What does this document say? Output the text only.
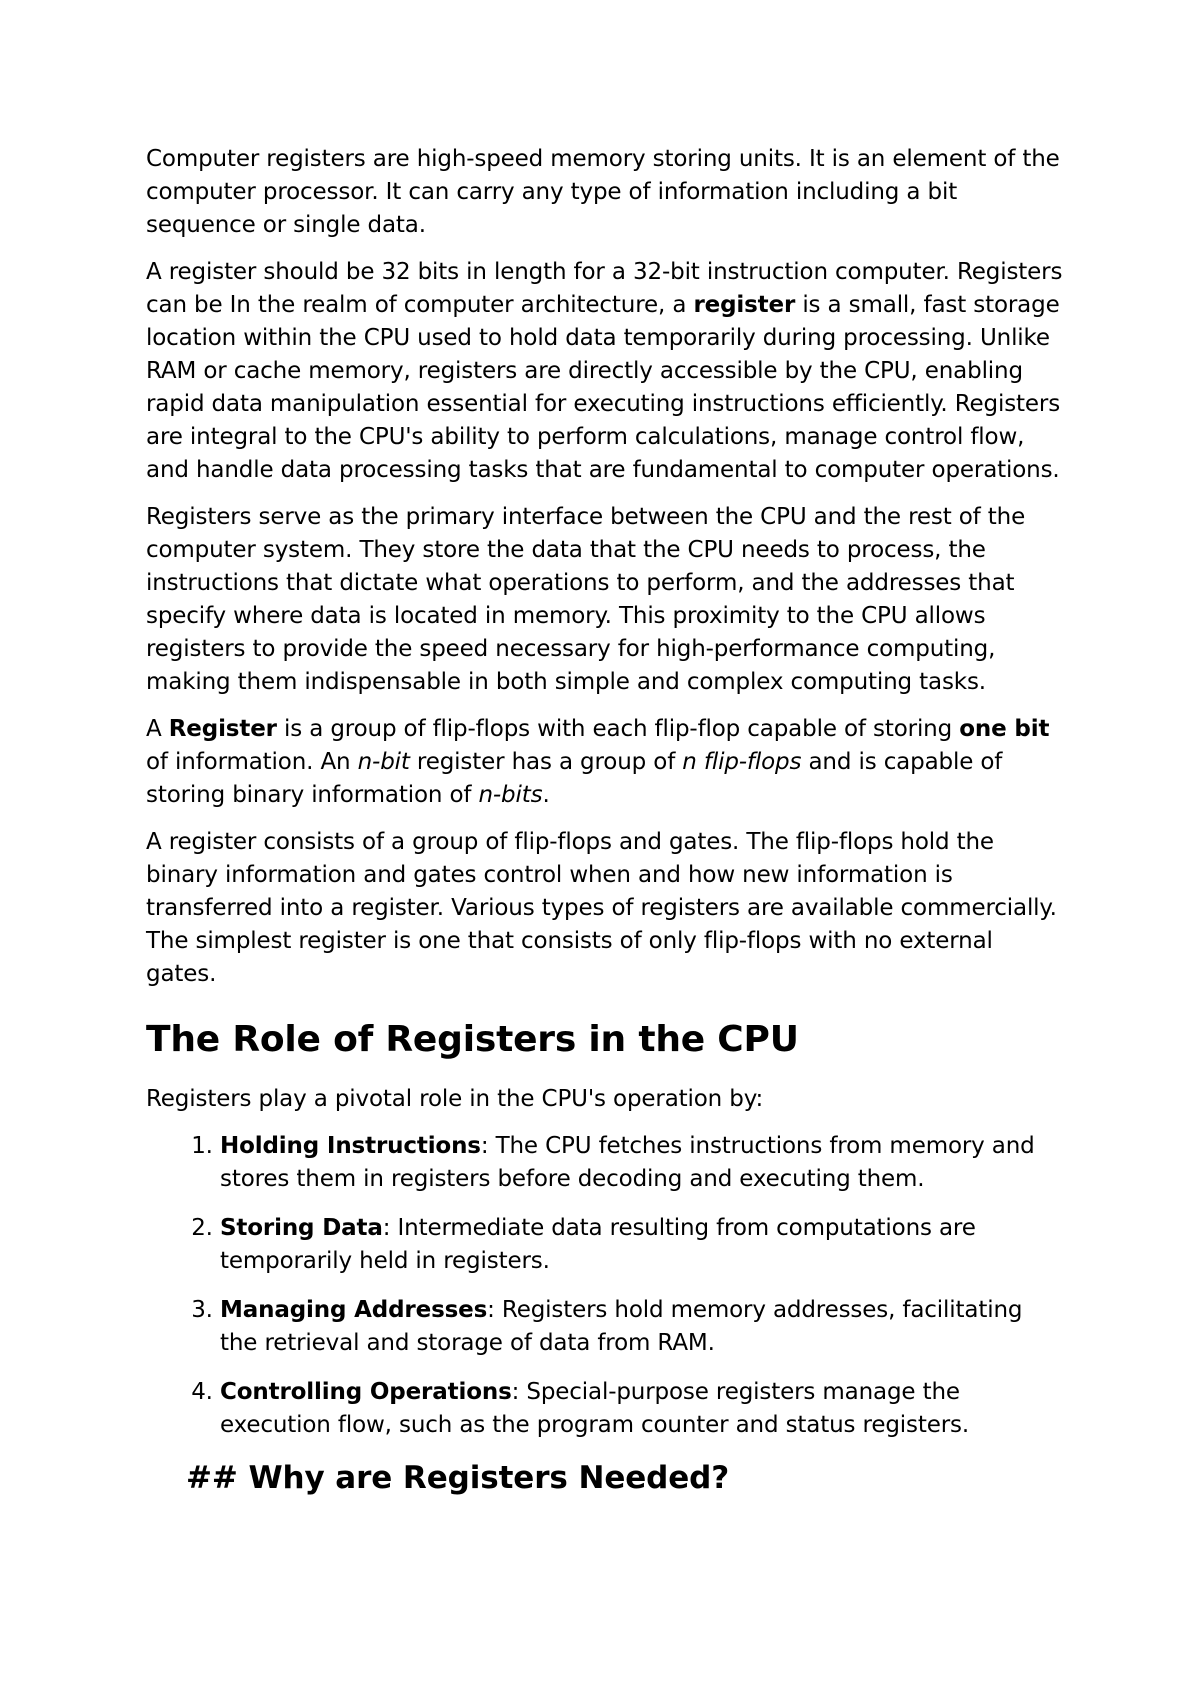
Computer registers are high-speed memory storing units. It is an element of the computer processor. It can carry any type of information including a bit sequence or single data.

A register should be 32 bits in length for a 32-bit instruction computer. Registers can be In the realm of computer architecture, a register is a small, fast storage location within the CPU used to hold data temporarily during processing. Unlike RAM or cache memory, registers are directly accessible by the CPU, enabling rapid data manipulation essential for executing instructions efficiently. Registers are integral to the CPU's ability to perform calculations, manage control flow, and handle data processing tasks that are fundamental to computer operations.

Registers serve as the primary interface between the CPU and the rest of the computer system. They store the data that the CPU needs to process, the instructions that dictate what operations to perform, and the addresses that specify where data is located in memory. This proximity to the CPU allows registers to provide the speed necessary for high-performance computing, making them indispensable in both simple and complex computing tasks.

A Register is a group of flip-flops with each flip-flop capable of storing one bit of information. An n-bit register has a group of n flip-flops and is capable of storing binary information of n-bits.

A register consists of a group of flip-flops and gates. The flip-flops hold the binary information and gates control when and how new information is transferred into a register. Various types of registers are available commercially. The simplest register is one that consists of only flip-flops with no external gates.

The Role of Registers in the CPU

Registers play a pivotal role in the CPU's operation by:

1. Holding Instructions: The CPU fetches instructions from memory and stores them in registers before decoding and executing them.
2. Storing Data: Intermediate data resulting from computations are temporarily held in registers.
3. Managing Addresses: Registers hold memory addresses, facilitating the retrieval and storage of data from RAM.
4. Controlling Operations: Special-purpose registers manage the execution flow, such as the program counter and status registers.
## Why are Registers Needed?
